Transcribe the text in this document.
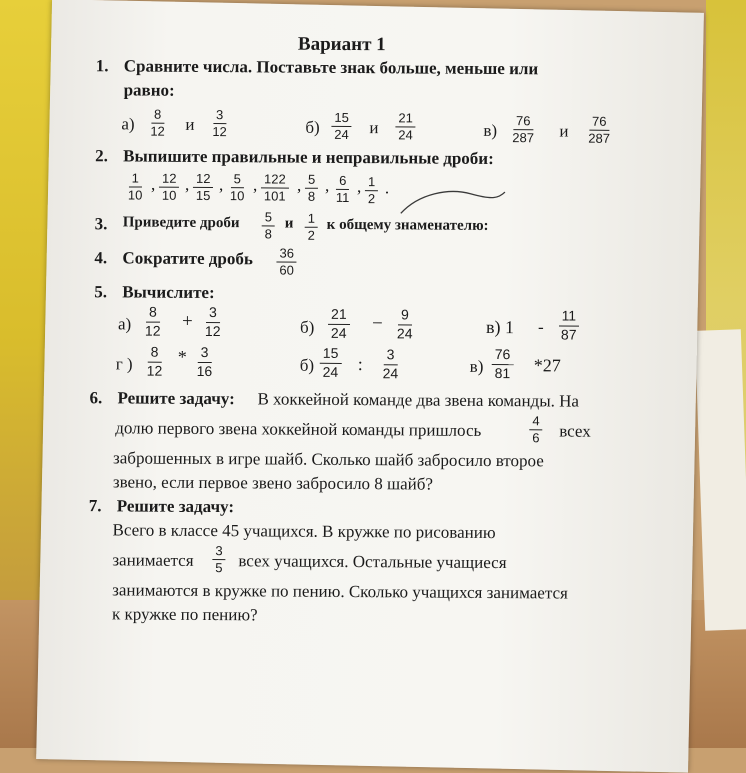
Вариант 1
1. Сравните числа. Поставьте знак больше, меньше или
равно:
$а) \frac{8}{12}$ и $\frac{3}{12}$	$б) \frac{15}{24}$ и $\frac{21}{24}$	$в) \frac{76}{287}$ и $\frac{76}{287}$
2. Выпишите правильные и неправильные дроби:
$\frac{1}{10}$ , $\frac{12}{10}$ , $\frac{12}{15}$ , $\frac{5}{10}$ , $\frac{122}{101}$ , $\frac{5}{8}$ , $\frac{6}{11}$ , $\frac{1}{2}$ .
3. Приведите дроби $\frac{5}{8}$ и $\frac{1}{2}$ к общему знаменателю:
4. Сократите дробь $\frac{36}{60}$
5. Вычислите:
$а) \frac{8}{12} + \frac{3}{12}$	$б) \frac{21}{24} - \frac{9}{24}$	в) $1 - \frac{11}{87}$
г ) $\frac{8}{12} * \frac{3}{16}$	$б) \frac{15}{24}$ : $\frac{3}{24}$	$в) \frac{76}{81} *27$
6. Решите задачу: В хоккейной команде два звена команды. На
долю первого звена хоккейной команды пришлось	$\frac{4}{6}$ всех
заброшенных в игре шайб. Сколько шайб забросило второе
звено, если первое звено забросило 8 шайб?
7. Решите задачу:
Всего в классе 45 учащихся. В кружке по рисованию
занимается $\frac{3}{5}$ всех учащихся. Остальные учащиеся
занимаются в кружке по пению. Сколько учащихся занимается
к кружке по пению?
